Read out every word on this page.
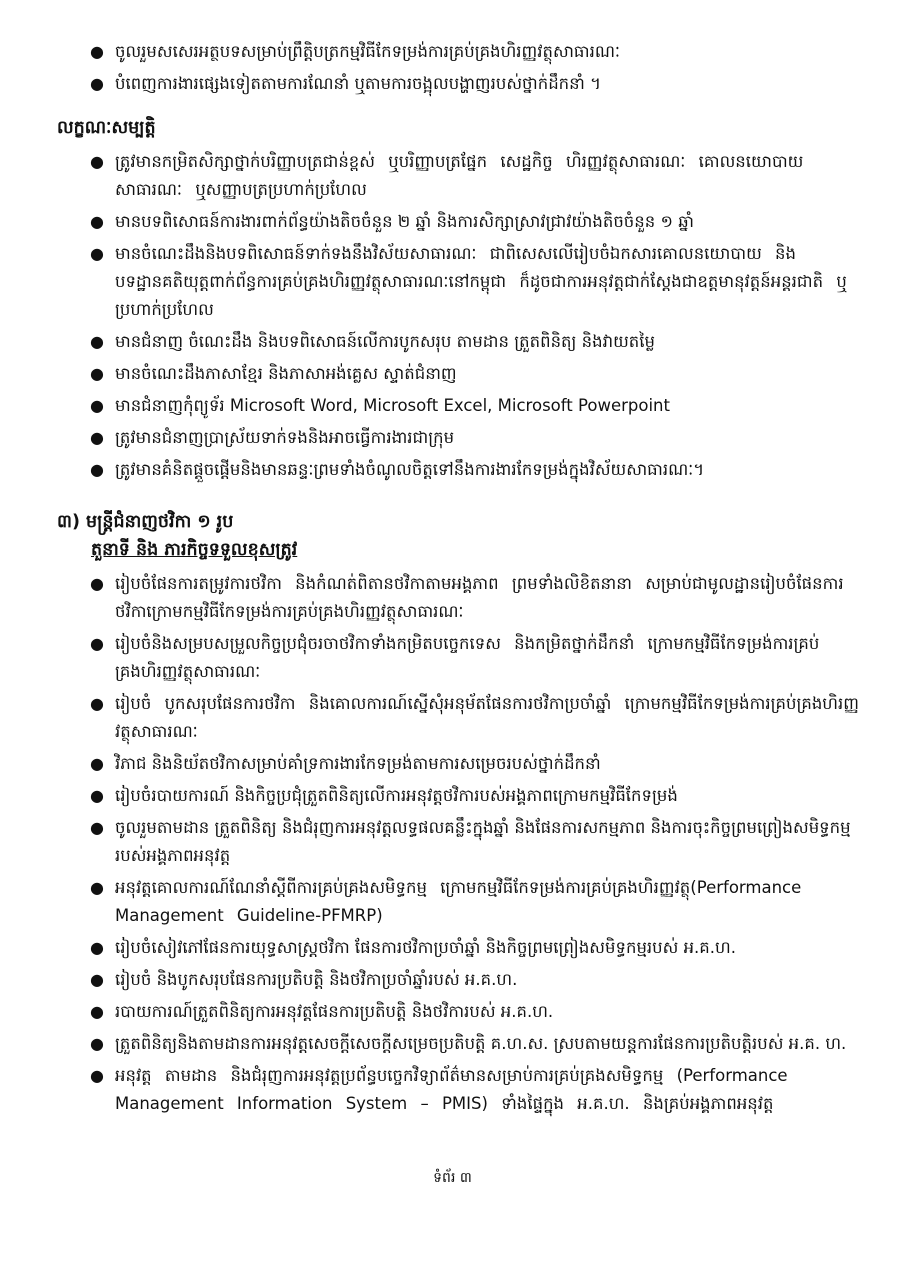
● ចូលរួមសសេរអត្ថបទសម្រាប់ព្រឹត្តិបត្រកម្មវិធីកែទម្រង់ការគ្រប់គ្រងហិរញ្ញវត្ថុសាធារណៈ
● បំពេញការងារផ្សេងទៀតតាមការណែនាំ ឬតាមការចង្អុលបង្ហាញរបស់ថ្នាក់ដឹកនាំ ។
លក្ខណៈសម្បត្តិ
● ត្រូវមានកម្រិតសិក្សាថ្នាក់បរិញ្ញាបត្រជាន់ខ្ពស់ ឬបរិញ្ញាបត្រផ្នែក សេដ្ឋកិច្ច ហិរញ្ញវត្ថុសាធារណៈ គោលនយោបាយសាធារណៈ ឬសញ្ញាបត្រប្រហាក់ប្រហែល
● មានបទពិសោធន៍ការងារពាក់ព័ន្ធយ៉ាងតិចចំនួន ២ ឆ្នាំ និងការសិក្សាស្រាវជ្រាវយ៉ាងតិចចំនួន ១ ឆ្នាំ
● មានចំណេះដឹងនិងបទពិសោធន៍ទាក់ទងនឹងវិស័យសាធារណៈ ជាពិសេសលើរៀបចំឯកសារគោលនយោបាយ និងបទដ្ឋានគតិយុត្តពាក់ព័ន្ធការគ្រប់គ្រងហិរញ្ញវត្ថុសាធារណៈនៅកម្ពុជា ក៏ដូចជាការអនុវត្តជាក់ស្តែងជាឧត្តមានុវត្តន៍អន្តរជាតិ ឬប្រហាក់ប្រហែល
● មានជំនាញ ចំណេះដឹង និងបទពិសោធន៍លើការបូកសរុប តាមដាន ត្រួតពិនិត្យ និងវាយតម្លៃ
● មានចំណេះដឹងភាសាខ្មែរ និងភាសាអង់គ្លេស ស្ទាត់ជំនាញ
● មានជំនាញកុំព្យូទ័រ Microsoft Word, Microsoft Excel, Microsoft Powerpoint
● ត្រូវមានជំនាញប្រាស្រ័យទាក់ទងនិងអាចធ្វើការងារជាក្រុម
● ត្រូវមានគំនិតផ្តួចផ្តើមនិងមានឆន្ទៈព្រមទាំងចំណូលចិត្តទៅនឹងការងារកែទម្រង់ក្នុងវិស័យសាធារណៈ។
៣) មន្ត្រីជំនាញថវិកា ១ រូប
តួនាទី និង ភារកិច្ចទទួលខុសត្រូវ
● រៀបចំផែនការតម្រូវការថវិកា និងកំណត់ពិតានថវិកាតាមអង្គភាព ព្រមទាំងលិខិតនានា សម្រាប់ជាមូលដ្ឋានរៀបចំផែនការថវិកាក្រោមកម្មវិធីកែទម្រង់ការគ្រប់គ្រងហិរញ្ញវត្ថុសាធារណៈ
● រៀបចំនិងសម្របសម្រួលកិច្ចប្រជុំចរចាថវិកាទាំងកម្រិតបច្ចេកទេស និងកម្រិតថ្នាក់ដឹកនាំ ក្រោមកម្មវិធីកែទម្រង់ការគ្រប់គ្រងហិរញ្ញវត្ថុសាធារណៈ
● រៀបចំ បូកសរុបផែនការថវិកា និងគោលការណ៍ស្នើសុំអនុម័តផែនការថវិកាប្រចាំឆ្នាំ ក្រោមកម្មវិធីកែទម្រង់ការគ្រប់គ្រងហិរញ្ញវត្ថុសាធារណៈ
● វិភាជ និងនិយ័តថវិកាសម្រាប់គាំទ្រការងារកែទម្រង់តាមការសម្រេចរបស់ថ្នាក់ដឹកនាំ
● រៀបចំរបាយការណ៍ និងកិច្ចប្រជុំត្រួតពិនិត្យលើការអនុវត្តថវិការបស់អង្គភាពក្រោមកម្មវិធីកែទម្រង់
● ចូលរួមតាមដាន ត្រួតពិនិត្យ និងជំរុញការអនុវត្តលទ្ធផលគន្លឹះក្នុងឆ្នាំ និងផែនការសកម្មភាព និងការចុះកិច្ចព្រមព្រៀងសមិទ្ធកម្មរបស់អង្គភាពអនុវត្ត
● អនុវត្តគោលការណ៍ណែនាំស្តីពីការគ្រប់គ្រងសមិទ្ធកម្ម ក្រោមកម្មវិធីកែទម្រង់ការគ្រប់គ្រងហិរញ្ញវត្ថុ(Performance Management Guideline-PFMRP)
● រៀបចំសៀវភៅផែនការយុទ្ធសាស្ត្រថវិកា ផែនការថវិកាប្រចាំឆ្នាំ និងកិច្ចព្រមព្រៀងសមិទ្ធកម្មរបស់ អ.គ.ហ.
● រៀបចំ និងបូកសរុបផែនការប្រតិបត្តិ និងថវិកាប្រចាំឆ្នាំរបស់ អ.គ.ហ.
● របាយការណ៍ត្រួតពិនិត្យការអនុវត្តផែនការប្រតិបត្តិ និងថវិការបស់ អ.គ.ហ.
● ត្រួតពិនិត្យនិងតាមដានការអនុវត្តសេចក្តីសេចក្តីសម្រេចប្រតិបត្តិ គ.ហ.ស. ស្របតាមយន្តការផែនការប្រតិបត្តិរបស់ អ.គ. ហ.
● អនុវត្ត តាមដាន និងជំរុញការអនុវត្តប្រព័ន្ធបច្ចេកវិទ្យាព័ត៌មានសម្រាប់ការគ្រប់គ្រងសមិទ្ធកម្ម (Performance Management Information System – PMIS) ទាំងផ្ទៃក្នុង អ.គ.ហ. និងគ្រប់អង្គភាពអនុវត្ត
ទំព័រ ៣
